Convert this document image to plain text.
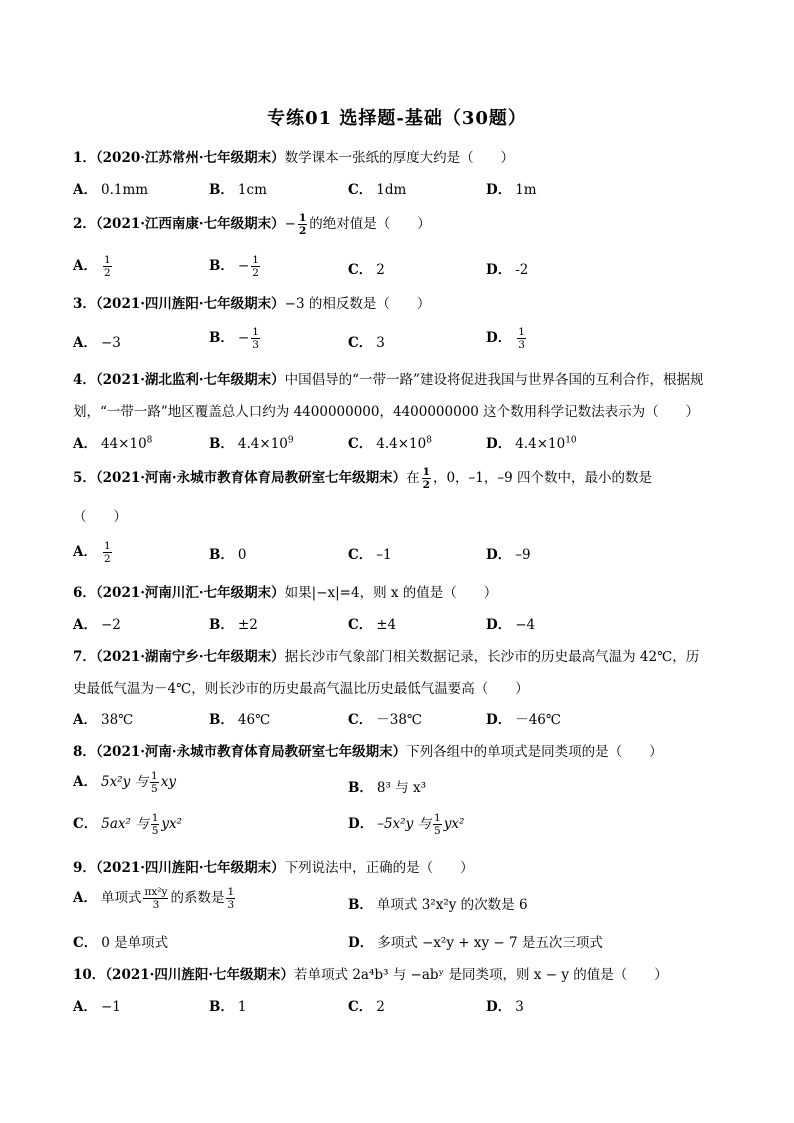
专练01 选择题-基础（30题）
1．（2020·江苏常州·七年级期末）数学课本一张纸的厚度大约是（　　）
A． 0.1mm	B． 1cm	C． 1dm	D． 1m
2．（2021·江西南康·七年级期末）− $\frac{1}{2}$ 的绝对值是（　　）
A． $\frac{1}{2}$	B． − $\frac{1}{2}$	C． 2	D． -2
3．（2021·四川旌阳·七年级期末）−3 的相反数是（　　）
A． −3	B． − $\frac{1}{3}$	C． 3	D． $\frac{1}{3}$
4．（2021·湖北监利·七年级期末）中国倡导的“一带一路”建设将促进我国与世界各国的互利合作，根据规
划，“一带一路”地区覆盖总人口约为 4400000000，4400000000 这个数用科学记数法表示为（　　）
A． $44\times 10^8$	B． $4.4\times 10^9$	C． $4.4\times 10^8$	D． $4.4\times 10^{10}$
5．（2021·河南·永城市教育体育局教研室七年级期末）在 $\frac{1}{2}$ ，0，–1，–9 四个数中，最小的数是
（　　）
A． $\frac{1}{2}$	B． 0	C． –1	D． –9
6．（2021·河南川汇·七年级期末）如果|−x|=4，则 x 的值是（　　）
A． −2	B． ±2	C． ±4	D． −4
7．（2021·湖南宁乡·七年级期末）据长沙市气象部门相关数据记录，长沙市的历史最高气温为 42℃，历
史最低气温为－4℃，则长沙市的历史最高气温比历史最低气温要高（　　）
A． 38℃	B． 46℃	C． －38℃	D． －46℃
8．（2021·河南·永城市教育体育局教研室七年级期末）下列各组中的单项式是同类项的是（　　）
A． 5x²y 与 $\frac{1}{5}$ xy	B． 8³ 与 x³
C． 5ax² 与 $\frac{1}{5} yx^2$	D． –5x²y 与 $\frac{1}{5} yx^2$
9．（2021·四川旌阳·七年级期末）下列说法中，正确的是（　　）
A． 单项式 $\frac{\text{πx²y}}{3}$ 的系数是 $\frac{1}{3}$	B． 单项式 3²x²y 的次数是 6
C． 0 是单项式	D． 多项式 −x²y + xy − 7 是五次三项式
10．（2021·四川旌阳·七年级期末）若单项式 2a⁴b³ 与 −abʸ 是同类项，则 x − y 的值是（　　）
A． −1	B． 1	C． 2	D． 3
